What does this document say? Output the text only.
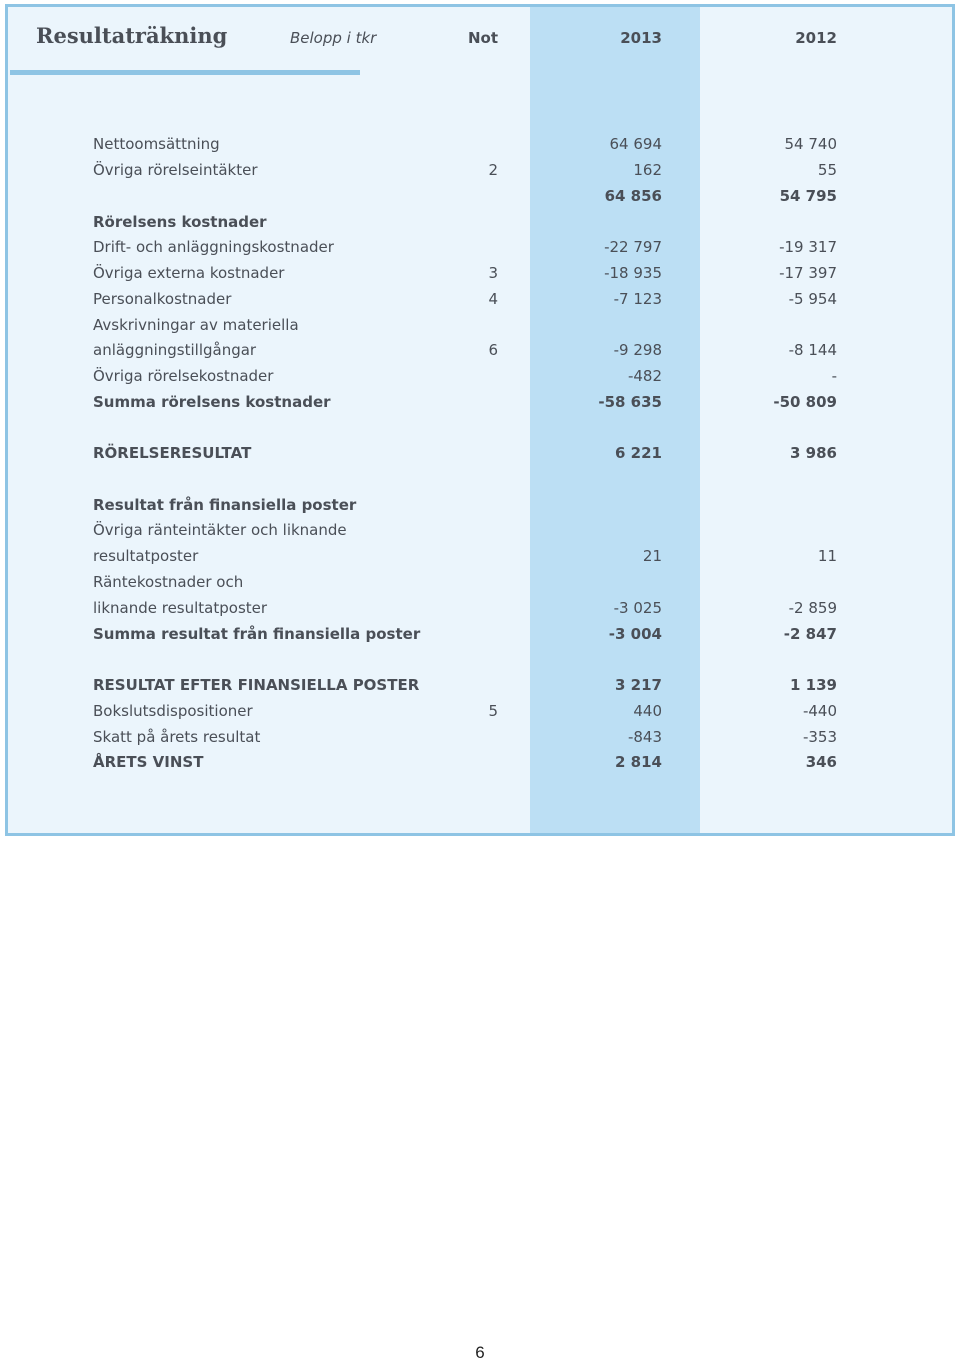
Resultaträkning	Belopp i tkr	Not	2013	2012
Nettoomsättning	64 694	54 740
Övriga rörelseintäkter	2	162	55
64 856	54 795
Rörelsens kostnader
Drift- och anläggningskostnader	-22 797	-19 317
Övriga externa kostnader	3	-18 935	-17 397
Personalkostnader	4	-7 123	-5 954
Avskrivningar av materiella
anläggningstillgångar	6	-9 298	-8 144
Övriga rörelsekostnader	-482	-
Summa rörelsens kostnader	-58 635	-50 809
RÖRELSERESULTAT	6 221	3 986
Resultat från finansiella poster
Övriga ränteintäkter och liknande
resultatposter	21	11
Räntekostnader och
liknande resultatposter	-3 025	-2 859
Summa resultat från finansiella poster	-3 004	-2 847
RESULTAT EFTER FINANSIELLA POSTER	3 217	1 139
Bokslutsdispositioner	5	440	-440
Skatt på årets resultat	-843	-353
ÅRETS VINST	2 814	346
6
